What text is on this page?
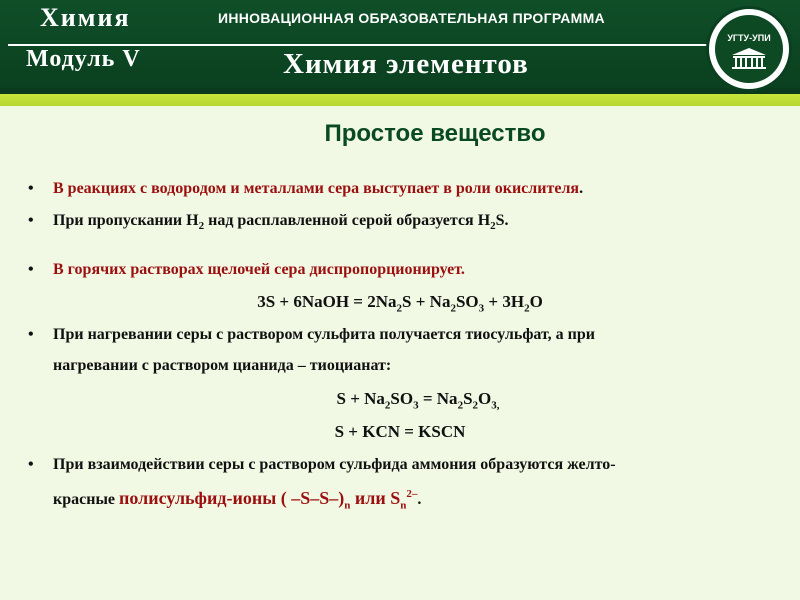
Химия
Модуль V
ИННОВАЦИОННАЯ ОБРАЗОВАТЕЛЬНАЯ ПРОГРАММА
Химия элементов
УГТУ-УПИ
Простое вещество
• В реакциях с водородом и металлами сера выступает в роли окислителя.
• При пропускании $H_2$ над расплавленной серой образуется $H_2S$.
• В горячих растворах щелочей сера диспропорционирует.
3S + 6NaOH = $2Na_2S + Na_2SO_3 + 3H_2O$
• При нагревании серы с раствором сульфита получается тиосульфат, а при
нагревании с раствором цианида – тиоцианат:
$S + Na_2SO_3 = Na_2S_2O_{3,}$
S + KCN = KSCN
• При взаимодействии серы с раствором сульфида аммония образуются желто-
красные полисульфид-ионы ( $-S-S-)_n$ или $S_n^{2-}$.
